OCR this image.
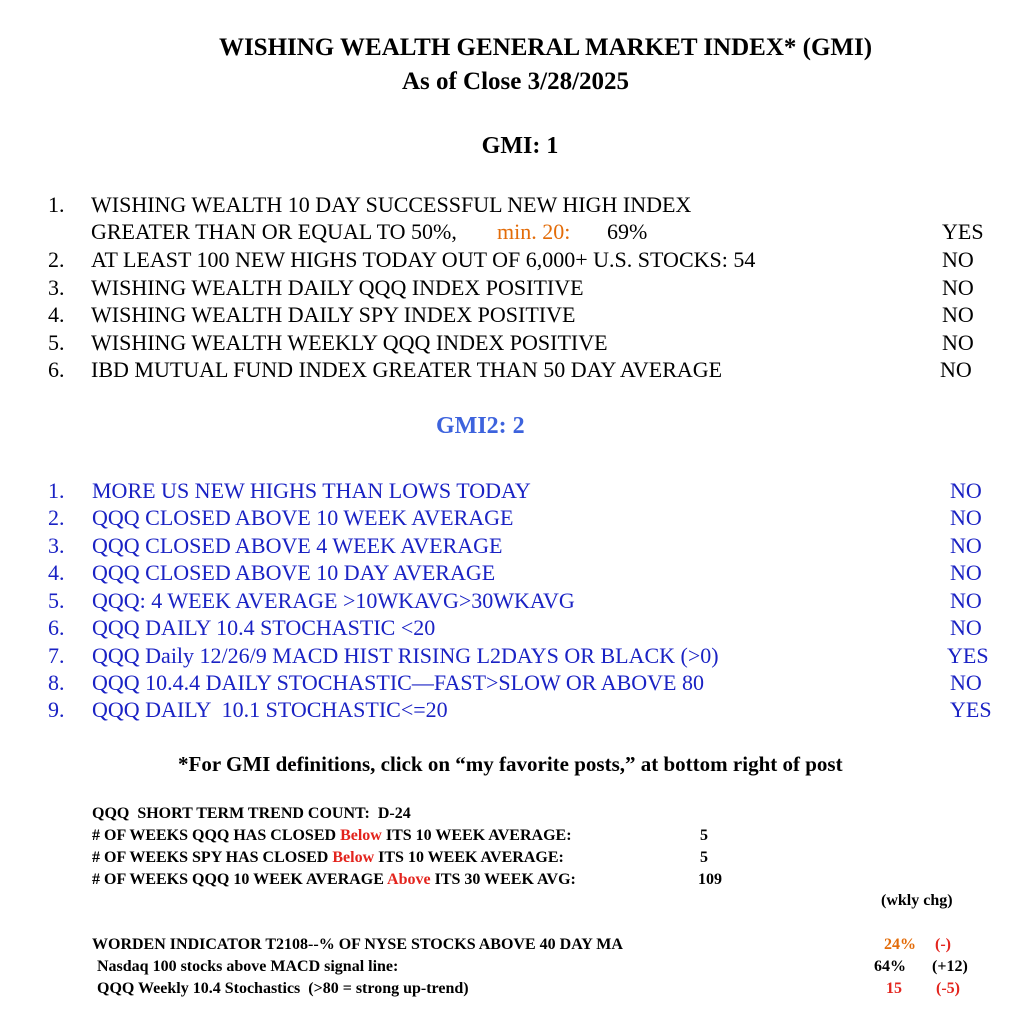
WISHING WEALTH GENERAL MARKET INDEX* (GMI)
As of Close 3/28/2025
GMI: 1
1. WISHING WEALTH 10 DAY SUCCESSFUL NEW HIGH INDEX
GREATER THAN OR EQUAL TO 50%, min. 20: 69%	YES
2. AT LEAST 100 NEW HIGHS TODAY OUT OF 6,000+ U.S. STOCKS: 54	NO
3. WISHING WEALTH DAILY QQQ INDEX POSITIVE	NO
4. WISHING WEALTH DAILY SPY INDEX POSITIVE	NO
5. WISHING WEALTH WEEKLY QQQ INDEX POSITIVE	NO
6. IBD MUTUAL FUND INDEX GREATER THAN 50 DAY AVERAGE	NO
GMI2: 2
1. MORE US NEW HIGHS THAN LOWS TODAY	NO
2. QQQ CLOSED ABOVE 10 WEEK AVERAGE	NO
3. QQQ CLOSED ABOVE 4 WEEK AVERAGE	NO
4. QQQ CLOSED ABOVE 10 DAY AVERAGE	NO
5. QQQ: 4 WEEK AVERAGE >10WKAVG>30WKAVG	NO
6. QQQ DAILY 10.4 STOCHASTIC <20	NO
7. QQQ Daily 12/26/9 MACD HIST RISING L2DAYS OR BLACK (>0)	YES
8. QQQ 10.4.4 DAILY STOCHASTIC—FAST>SLOW OR ABOVE 80	NO
9. QQQ DAILY  10.1 STOCHASTIC<=20	YES
*For GMI definitions, click on “my favorite posts,” at bottom right of post
QQQ  SHORT TERM TREND COUNT:  D-24
# OF WEEKS QQQ HAS CLOSED Below ITS 10 WEEK AVERAGE:	5
# OF WEEKS SPY HAS CLOSED Below ITS 10 WEEK AVERAGE:	5
# OF WEEKS QQQ 10 WEEK AVERAGE Above ITS 30 WEEK AVG:	109
(wkly chg)
WORDEN INDICATOR T2108--% OF NYSE STOCKS ABOVE 40 DAY MA	24% (-)
Nasdaq 100 stocks above MACD signal line:	64% (+12)
QQQ Weekly 10.4 Stochastics  (>80 = strong up-trend)	15 (-5)
